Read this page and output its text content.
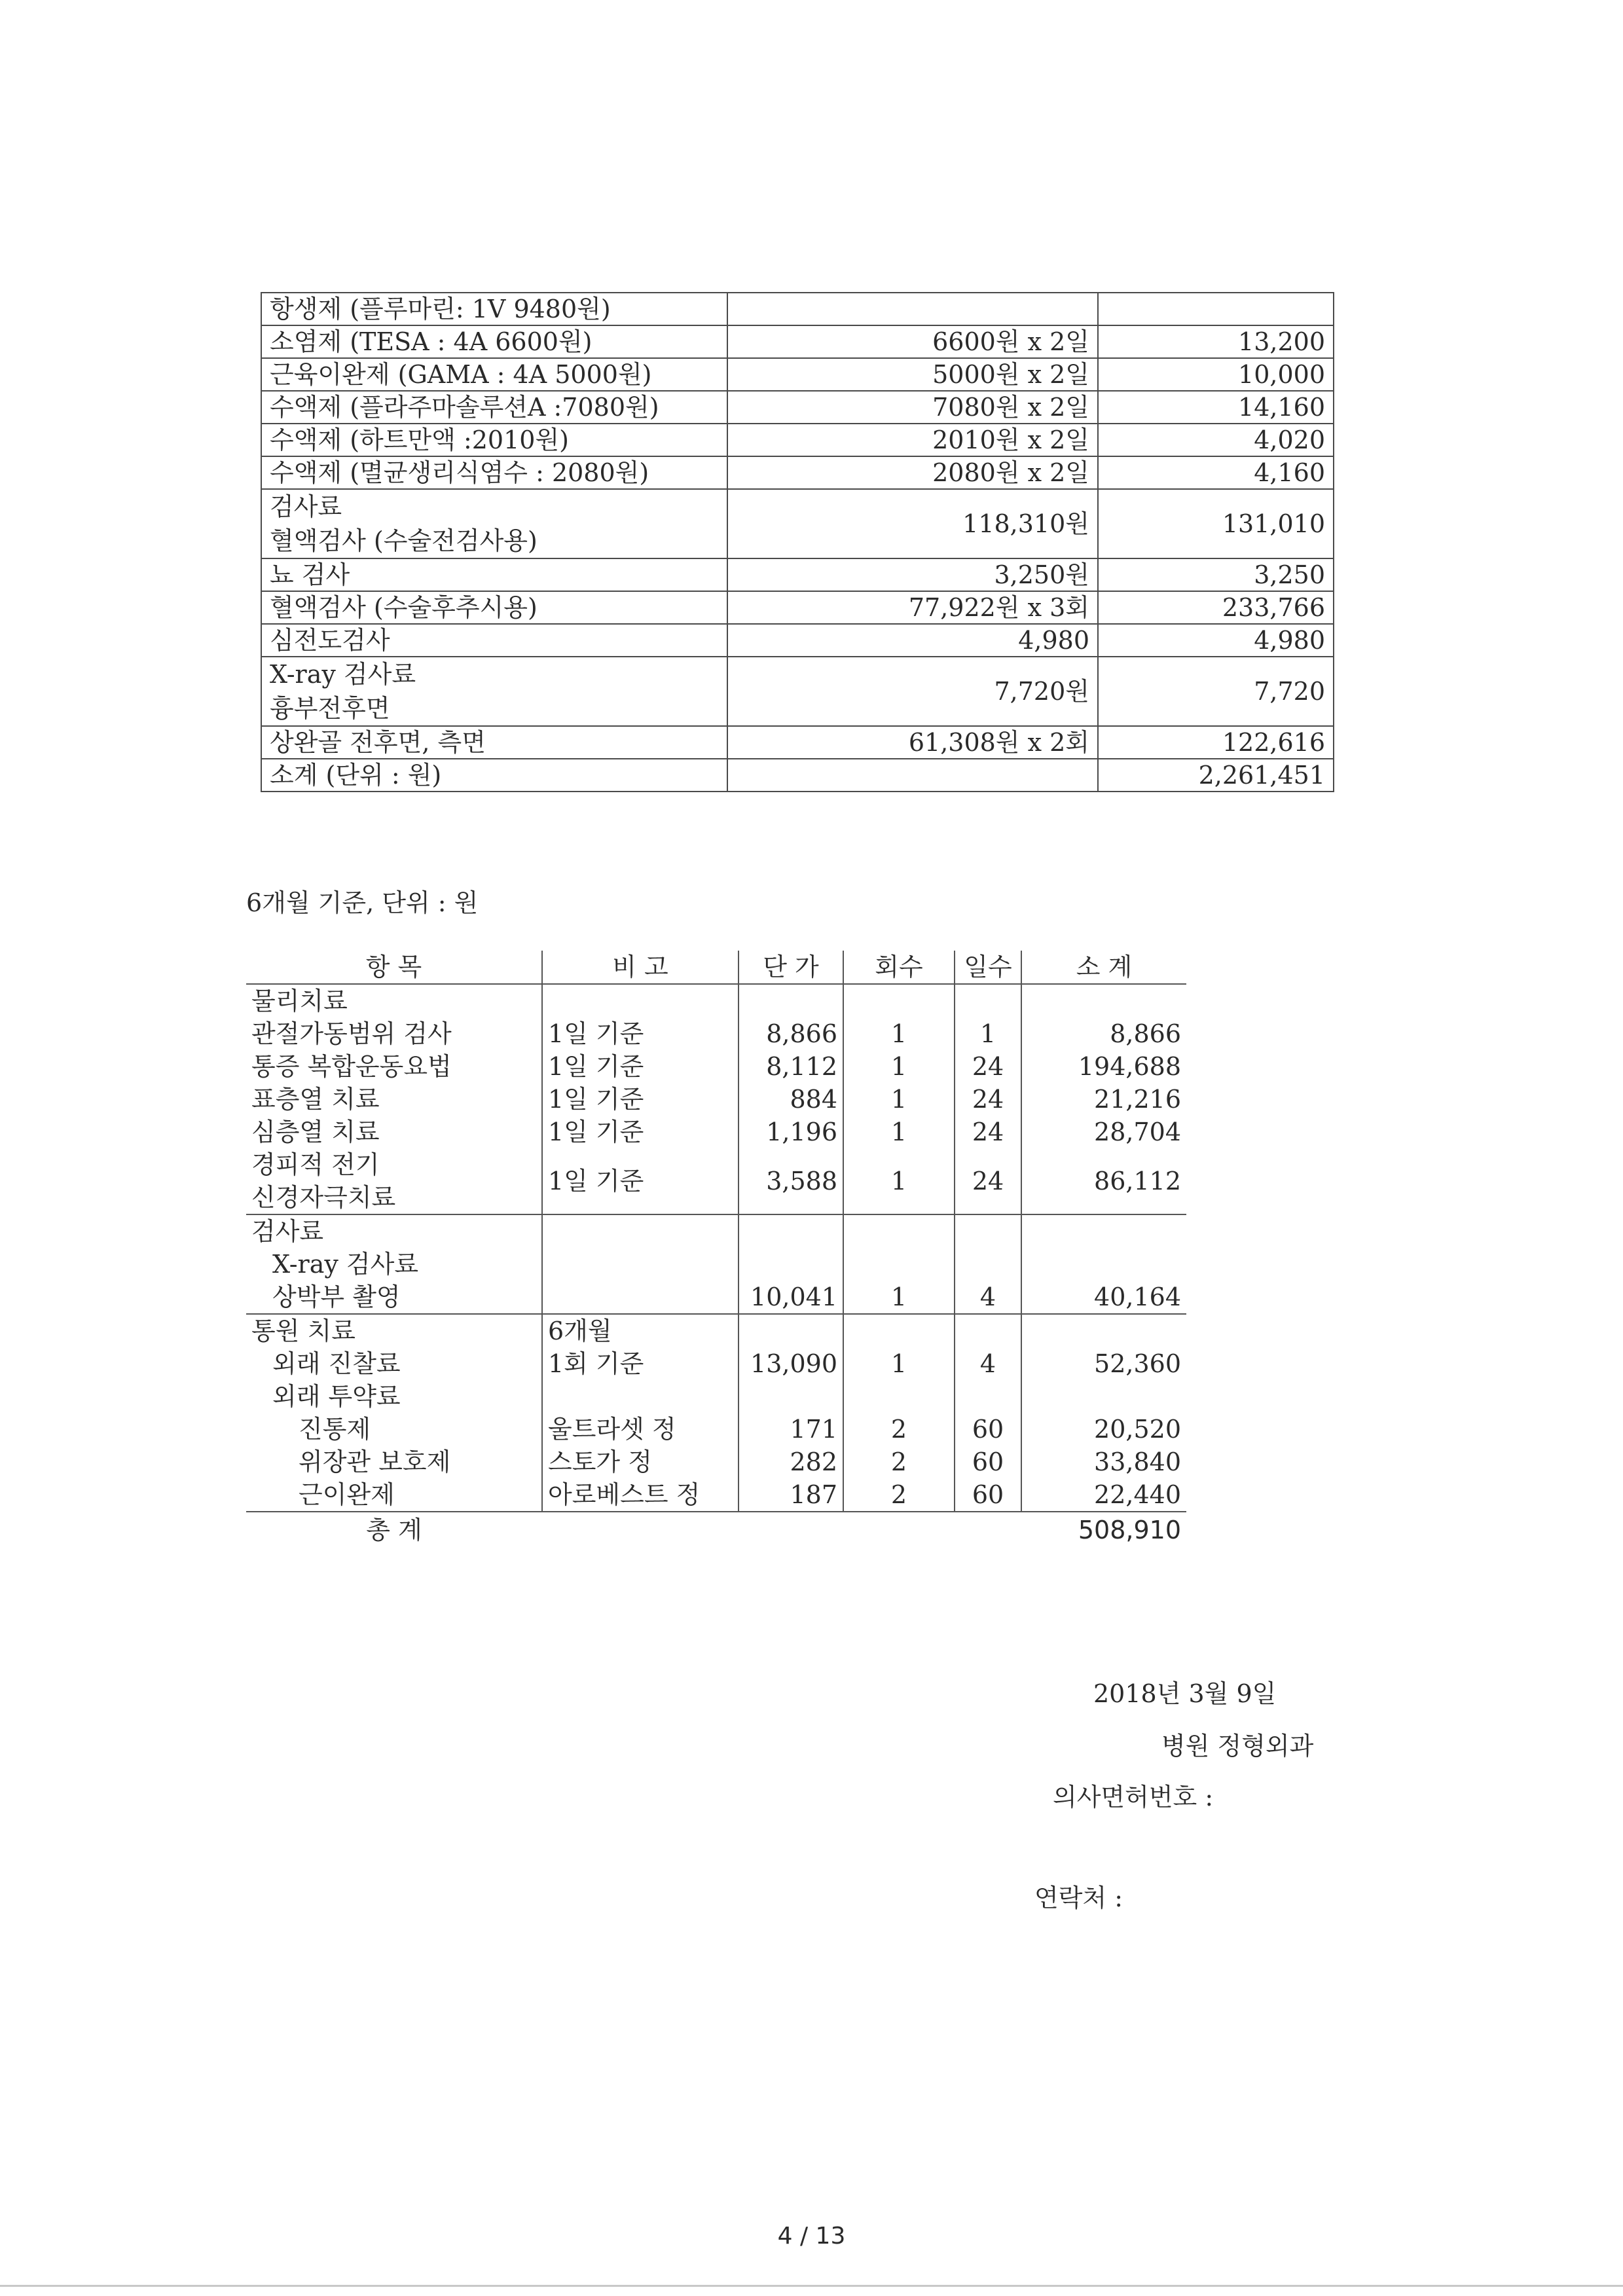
항생제 (플루마린: 1V 9480원)		
소염제 (TESA : 4A 6600원)	6600원 x 2일	13,200
근육이완제 (GAMA : 4A 5000원)	5000원 x 2일	10,000
수액제 (플라주마솔루션A :7080원)	7080원 x 2일	14,160
수액제 (하트만액 :2010원)	2010원 x 2일	4,020
수액제 (멸균생리식염수 : 2080원)	2080원 x 2일	4,160
검사료
혈액검사 (수술전검사용)	118,310원	131,010
뇨 검사	3,250원	3,250
혈액검사 (수술후추시용)	77,922원 x 3회	233,766
심전도검사	4,980	4,980
X-ray 검사료
흉부전후면	7,720원	7,720
상완골 전후면, 측면	61,308원 x 2회	122,616
소계 (단위 : 원)		2,261,451
6개월 기준, 단위 : 원
항 목	비 고	단 가	회수	일수	소 계
물리치료					
관절가동범위 검사	1일 기준	8,866	1	1	8,866
통증 복합운동요법	1일 기준	8,112	1	24	194,688
표층열 치료	1일 기준	884	1	24	21,216
심층열 치료	1일 기준	1,196	1	24	28,704
경피적 전기
신경자극치료	1일 기준	3,588	1	24	86,112
검사료					
X-ray 검사료					
상박부 촬영		10,041	1	4	40,164
통원 치료	6개월				
외래 진찰료	1회 기준	13,090	1	4	52,360
외래 투약료					
진통제	울트라셋 정	171	2	60	20,520
위장관 보호제	스토가 정	282	2	60	33,840
근이완제	아로베스트 정	187	2	60	22,440
총 계					508,910
2018년 3월 9일
병원 정형외과
의사면허번호 :
연락처 :
4 / 13
